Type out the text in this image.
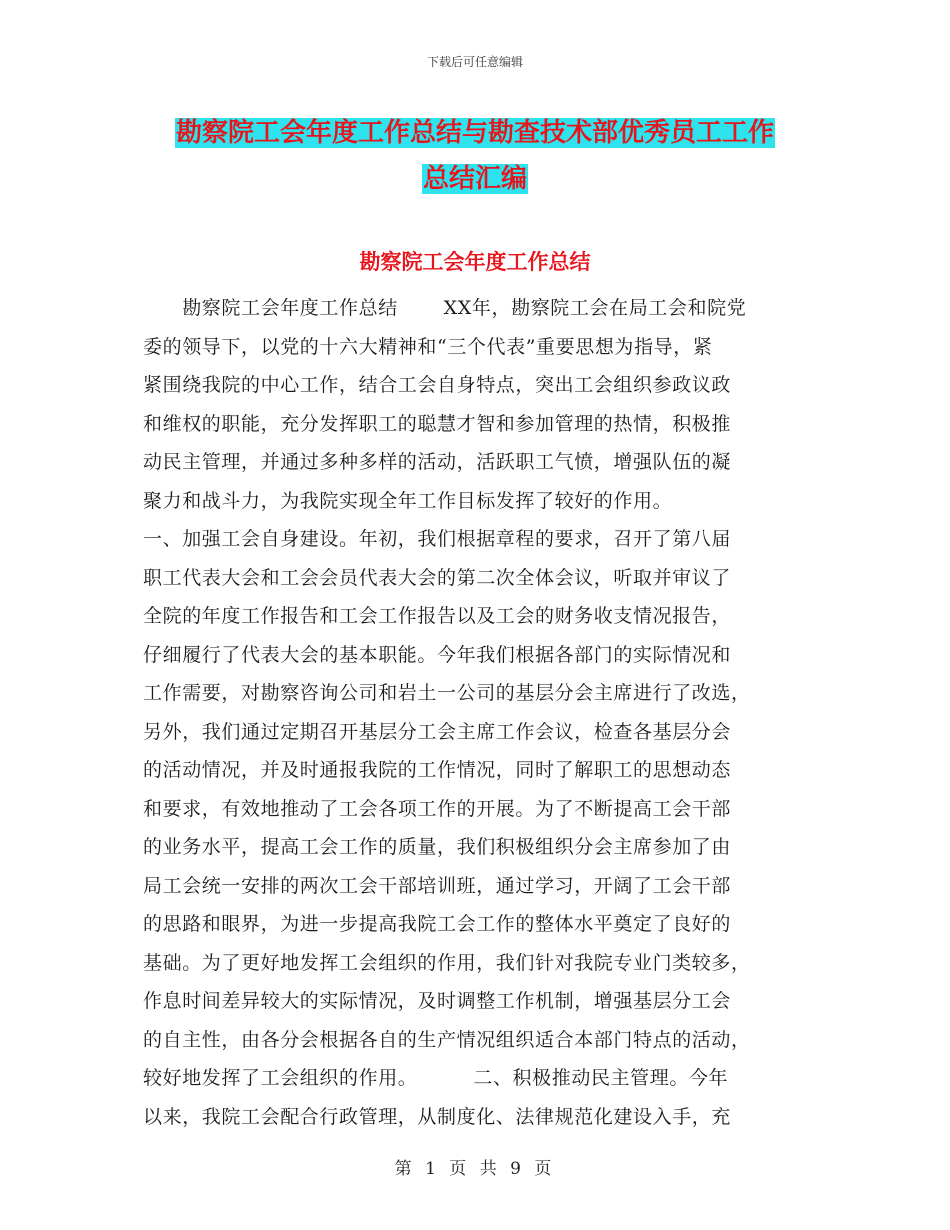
下载后可任意编辑
勘察院工会年度工作总结与勘查技术部优秀员工工作
总结汇编
勘察院工会年度工作总结
　　勘察院工会年度工作总结　　 XX年，勘察院工会在局工会和院党
委的领导下，以党的十六大精神和“三个代表”重要思想为指导，紧
紧围绕我院的中心工作，结合工会自身特点，突出工会组织参政议政
和维权的职能，充分发挥职工的聪慧才智和参加管理的热情，积极推
动民主管理，并通过多种多样的活动，活跃职工气愤，增强队伍的凝
聚力和战斗力，为我院实现全年工作目标发挥了较好的作用。
一、加强工会自身建设。年初，我们根据章程的要求，召开了第八届
职工代表大会和工会会员代表大会的第二次全体会议，听取并审议了
全院的年度工作报告和工会工作报告以及工会的财务收支情况报告，
仔细履行了代表大会的基本职能。今年我们根据各部门的实际情况和
工作需要，对勘察咨询公司和岩土一公司的基层分会主席进行了改选，
另外，我们通过定期召开基层分工会主席工作会议，检查各基层分会
的活动情况，并及时通报我院的工作情况，同时了解职工的思想动态
和要求，有效地推动了工会各项工作的开展。为了不断提高工会干部
的业务水平，提高工会工作的质量，我们积极组织分会主席参加了由
局工会统一安排的两次工会干部培训班，通过学习，开阔了工会干部
的思路和眼界，为进一步提高我院工会工作的整体水平奠定了良好的
基础。为了更好地发挥工会组织的作用，我们针对我院专业门类较多，
作息时间差异较大的实际情况，及时调整工作机制，增强基层分工会
的自主性，由各分会根据各自的生产情况组织适合本部门特点的活动，
较好地发挥了工会组织的作用。　　　 二、积极推动民主管理。今年
以来，我院工会配合行政管理，从制度化、法律规范化建设入手，充
第 1 页 共 9 页
